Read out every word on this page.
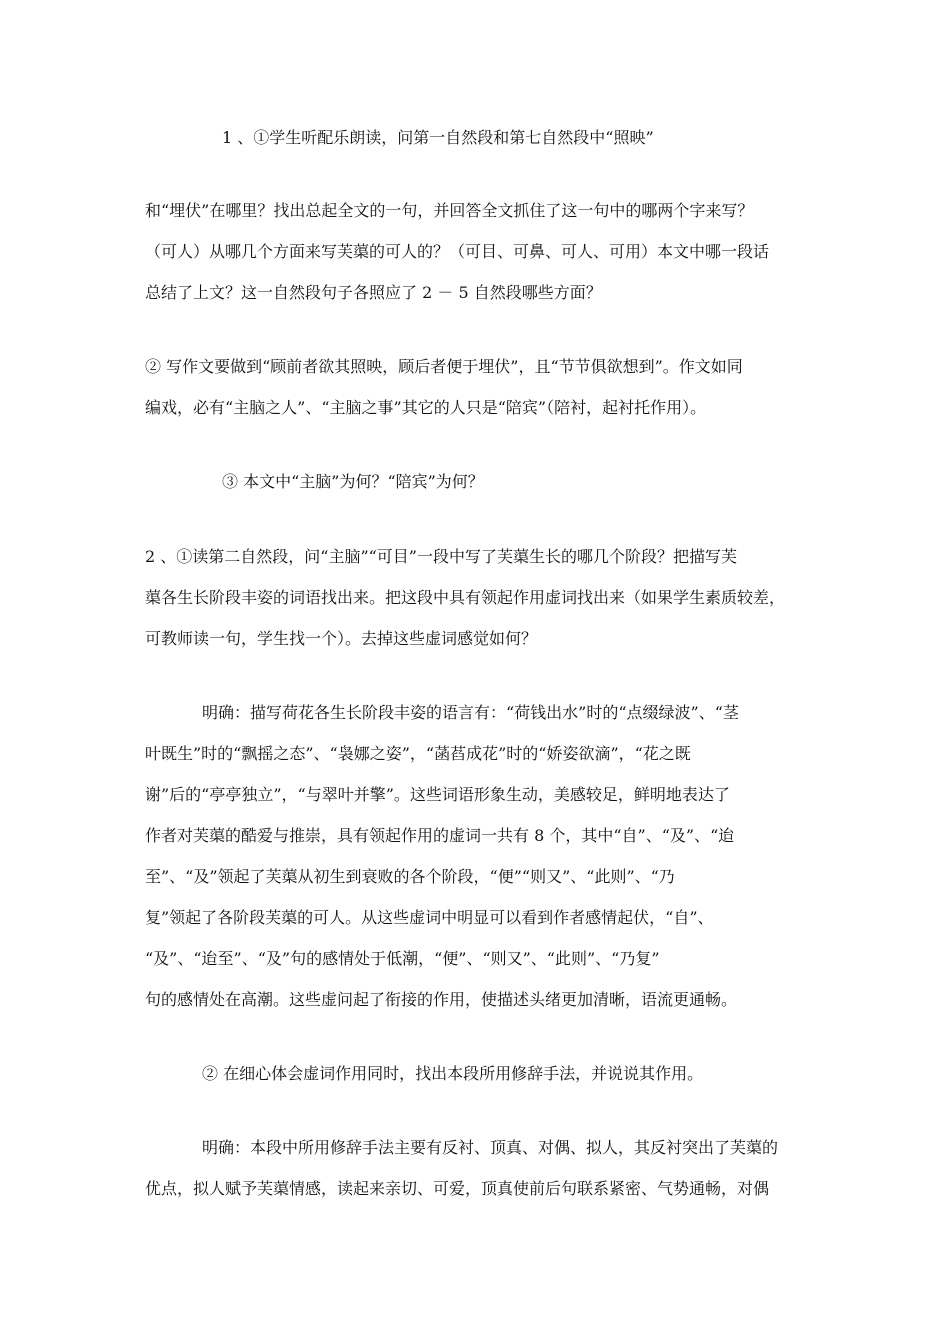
1 、①学生听配乐朗读，问第一自然段和第七自然段中“照映”
和“埋伏”在哪里？找出总起全文的一句，并回答全文抓住了这一句中的哪两个字来写？
（可人）从哪几个方面来写芙蕖的可人的？（可目、可鼻、可人、可用）本文中哪一段话
总结了上文？这一自然段句子各照应了 2 － 5 自然段哪些方面？
② 写作文要做到“顾前者欲其照映，顾后者便于埋伏”，且“节节俱欲想到”。作文如同
编戏，必有“主脑之人”、“主脑之事”其它的人只是“陪宾”（陪衬，起衬托作用）。
③ 本文中“主脑”为何？“陪宾”为何？
2 、①读第二自然段，问“主脑”“可目”一段中写了芙蕖生长的哪几个阶段？把描写芙
蕖各生长阶段丰姿的词语找出来。把这段中具有领起作用虚词找出来（如果学生素质较差，
可教师读一句，学生找一个）。去掉这些虚词感觉如何？
明确：描写荷花各生长阶段丰姿的语言有：“荷钱出水”时的“点缀绿波”、“茎
叶既生”时的“飘摇之态”、“袅娜之姿”，“菡萏成花”时的“娇姿欲滴”，“花之既
谢”后的“亭亭独立”，“与翠叶并擎”。这些词语形象生动，美感较足，鲜明地表达了
作者对芙蕖的酷爱与推崇，具有领起作用的虚词一共有 8 个，其中“自”、“及”、“迨
至”、“及”领起了芙蕖从初生到衰败的各个阶段，“便”“则又”、“此则”、“乃
复”领起了各阶段芙蕖的可人。从这些虚词中明显可以看到作者感情起伏，“自”、
“及”、“迨至”、“及”句的感情处于低潮，“便”、“则又”、“此则”、“乃复”
句的感情处在高潮。这些虚问起了衔接的作用，使描述头绪更加清晰，语流更通畅。
② 在细心体会虚词作用同时，找出本段所用修辞手法，并说说其作用。
明确：本段中所用修辞手法主要有反衬、顶真、对偶、拟人，其反衬突出了芙蕖的
优点，拟人赋予芙蕖情感，读起来亲切、可爱，顶真使前后句联系紧密、气势通畅，对偶
